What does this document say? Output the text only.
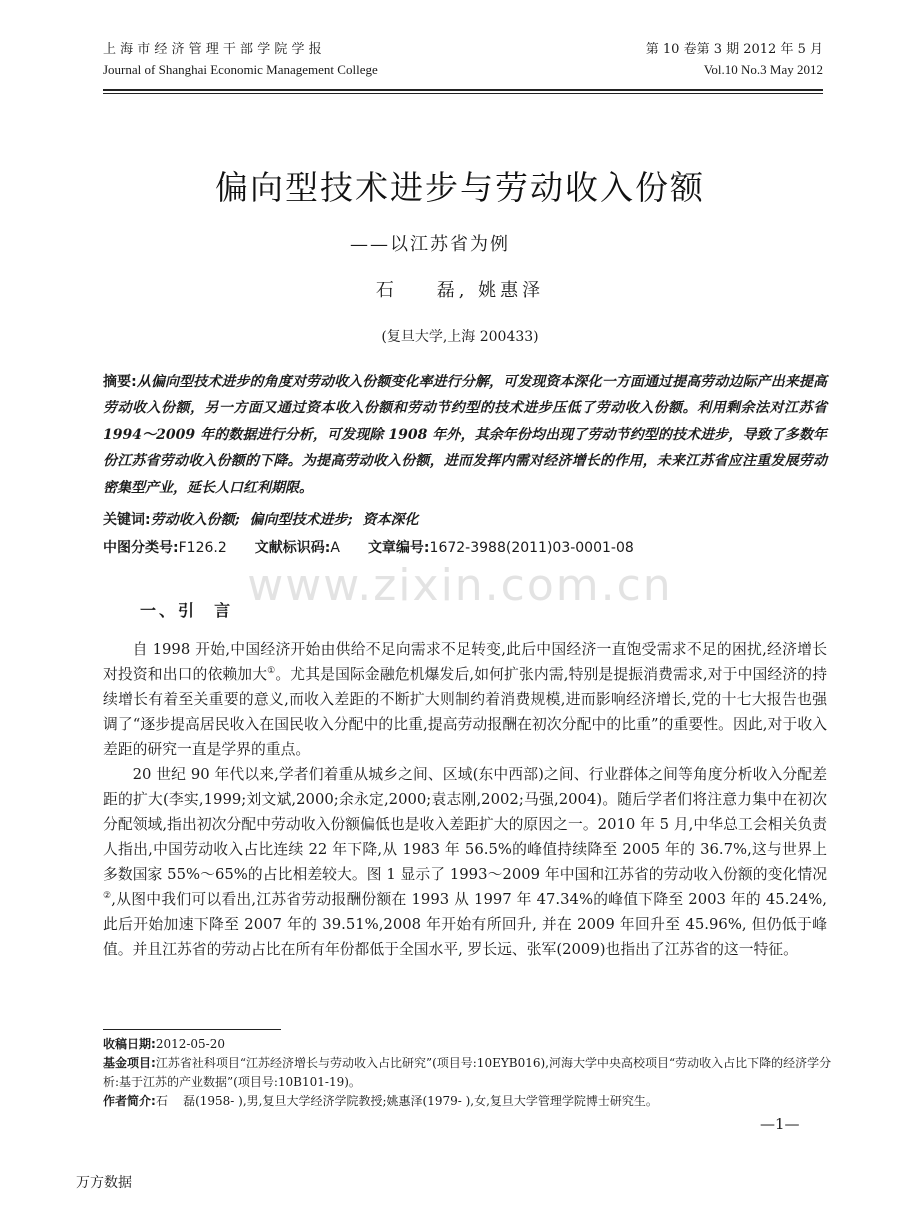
上 海 市 经 济 管 理 干 部 学 院 学 报
Journal of Shanghai Economic Management College
第 10 卷第 3 期 2012 年 5 月
Vol.10 No.3 May 2012
偏向型技术进步与劳动收入份额
——以江苏省为例
石    磊, 姚惠泽
(复旦大学,上海 200433)
摘要:从偏向型技术进步的角度对劳动收入份额变化率进行分解，可发现资本深化一方面通过提高劳动边际产出来提高劳动收入份额，另一方面又通过资本收入份额和劳动节约型的技术进步压低了劳动收入份额。利用剩余法对江苏省 1994～2009 年的数据进行分析，可发现除 1908 年外，其余年份均出现了劳动节约型的技术进步，导致了多数年份江苏省劳动收入份额的下降。为提高劳动收入份额，进而发挥内需对经济增长的作用，未来江苏省应注重发展劳动密集型产业，延长人口红利期限。
关键词:劳动收入份额;  偏向型技术进步;  资本深化
中图分类号:F126.2 文献标识码:A 文章编号:1672-3988(2011)03-0001-08
www.zixin.com.cn
一、引  言
自 1998 开始,中国经济开始由供给不足向需求不足转变,此后中国经济一直饱受需求不足的困扰,经济增长对投资和出口的依赖加大①。尤其是国际金融危机爆发后,如何扩张内需,特别是提振消费需求,对于中国经济的持续增长有着至关重要的意义,而收入差距的不断扩大则制约着消费规模,进而影响经济增长,党的十七大报告也强调了“逐步提高居民收入在国民收入分配中的比重,提高劳动报酬在初次分配中的比重”的重要性。因此,对于收入差距的研究一直是学界的重点。
20 世纪 90 年代以来,学者们着重从城乡之间、区域(东中西部)之间、行业群体之间等角度分析收入分配差距的扩大(李实,1999;刘文斌,2000;余永定,2000;袁志刚,2002;马强,2004)。随后学者们将注意力集中在初次分配领域,指出初次分配中劳动收入份额偏低也是收入差距扩大的原因之一。2010 年 5 月,中华总工会相关负责人指出,中国劳动收入占比连续 22 年下降,从 1983 年 56.5%的峰值持续降至 2005 年的 36.7%,这与世界上多数国家 55%～65%的占比相差较大。图 1 显示了 1993～2009 年中国和江苏省的劳动收入份额的变化情况②,从图中我们可以看出,江苏省劳动报酬份额在 1993 从 1997 年 47.34%的峰值下降至 2003 年的 45.24%, 此后开始加速下降至 2007 年的 39.51%,2008 年开始有所回升, 并在 2009 年回升至 45.96%, 但仍低于峰值。并且江苏省的劳动占比在所有年份都低于全国水平, 罗长远、张军(2009)也指出了江苏省的这一特征。
收稿日期:2012-05-20
基金项目:江苏省社科项目“江苏经济增长与劳动收入占比研究”(项目号:10EYB016),河海大学中央高校项目“劳动收入占比下降的经济学分析:基于江苏的产业数据”(项目号:10B101-19)。
作者简介:石    磊(1958- ),男,复旦大学经济学院教授;姚惠泽(1979- ),女,复旦大学管理学院博士研究生。
—1—
万方数据
